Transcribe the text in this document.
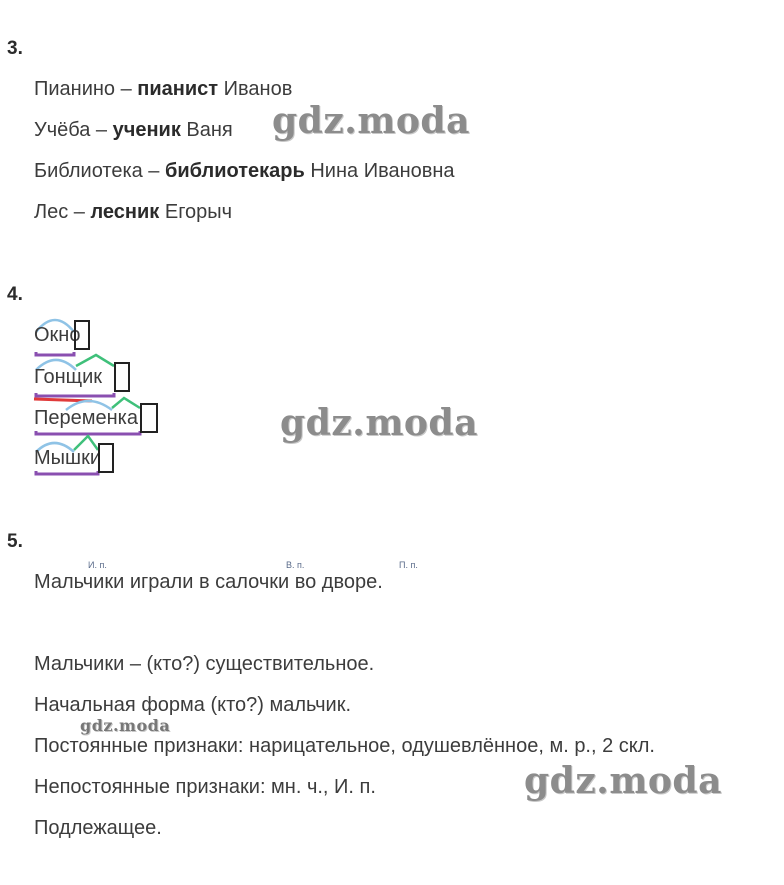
3.
Пианино – пианист Иванов
Учёба – ученик Ваня
Библиотека – библиотекарь Нина Ивановна
Лес – лесник Егорыч
gdz.moda
4.
Окно
Гонщик
Переменка
Мышки
gdz.moda
5.
И. п.	В. п.	П. п.
Мальчики играли в салочки во дворе.
Мальчики – (кто?) существительное.
Начальная форма (кто?) мальчик.
Постоянные признаки: нарицательное, одушевлённое, м. р., 2 скл.
Непостоянные признаки: мн. ч., И. п.
Подлежащее.
gdz.moda
gdz.moda
